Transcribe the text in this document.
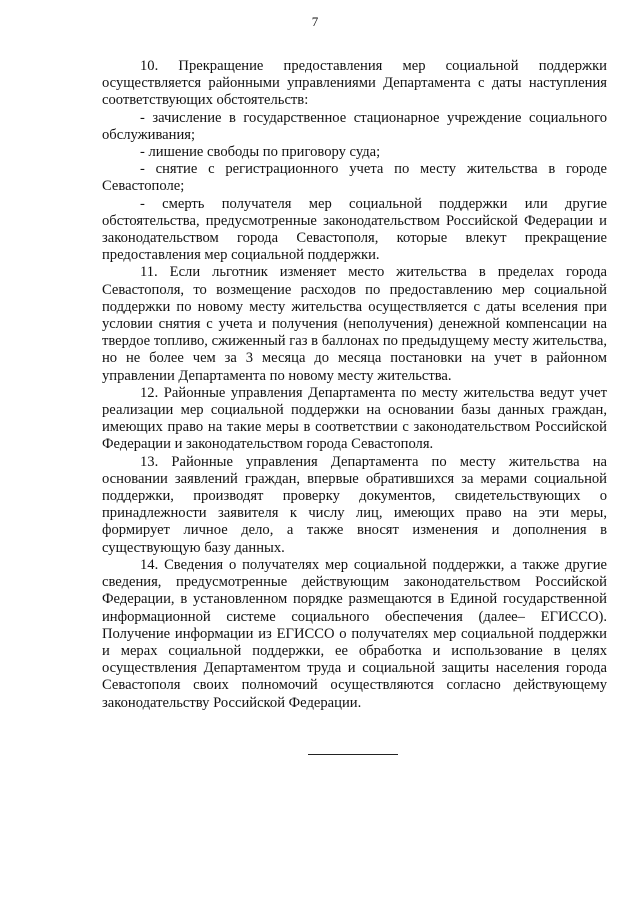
7

10. Прекращение предоставления мер социальной поддержки осуществляется районными управлениями Департамента с даты наступления соответствующих обстоятельств:

- зачисление в государственное стационарное учреждение социального обслуживания;

- лишение свободы по приговору суда;

- снятие с регистрационного учета по месту жительства в городе Севастополе;

- смерть получателя мер социальной поддержки или другие обстоятельства, предусмотренные законодательством Российской Федерации и законодательством города Севастополя, которые влекут прекращение предоставления мер социальной поддержки.

11. Если льготник изменяет место жительства в пределах города Севастополя, то возмещение расходов по предоставлению мер социальной поддержки по новому месту жительства осуществляется с даты вселения при условии снятия с учета и получения (неполучения) денежной компенсации на твердое топливо, сжиженный газ в баллонах по предыдущему месту жительства, но не более чем за 3 месяца до месяца постановки на учет в районном управлении Департамента по новому месту жительства.

12. Районные управления Департамента по месту жительства ведут учет реализации мер социальной поддержки на основании базы данных граждан, имеющих право на такие меры в соответствии с законодательством Российской Федерации и законодательством города Севастополя.

13. Районные управления Департамента по месту жительства на основании заявлений граждан, впервые обратившихся за мерами социальной поддержки, производят проверку документов, свидетельствующих о принадлежности заявителя к числу лиц, имеющих право на эти меры, формирует личное дело, а также вносят изменения и дополнения в существующую базу данных.

14. Сведения о получателях мер социальной поддержки, а также другие сведения, предусмотренные действующим законодательством Российской Федерации, в установленном порядке размещаются в Единой государственной информационной системе социального обеспечения (далее– ЕГИССО). Получение информации из ЕГИССО о получателях мер социальной поддержки и мерах социальной поддержки, ее обработка и использование в целях осуществления Департаментом труда и социальной защиты населения города Севастополя своих полномочий осуществляются согласно действующему законодательству Российской Федерации.
